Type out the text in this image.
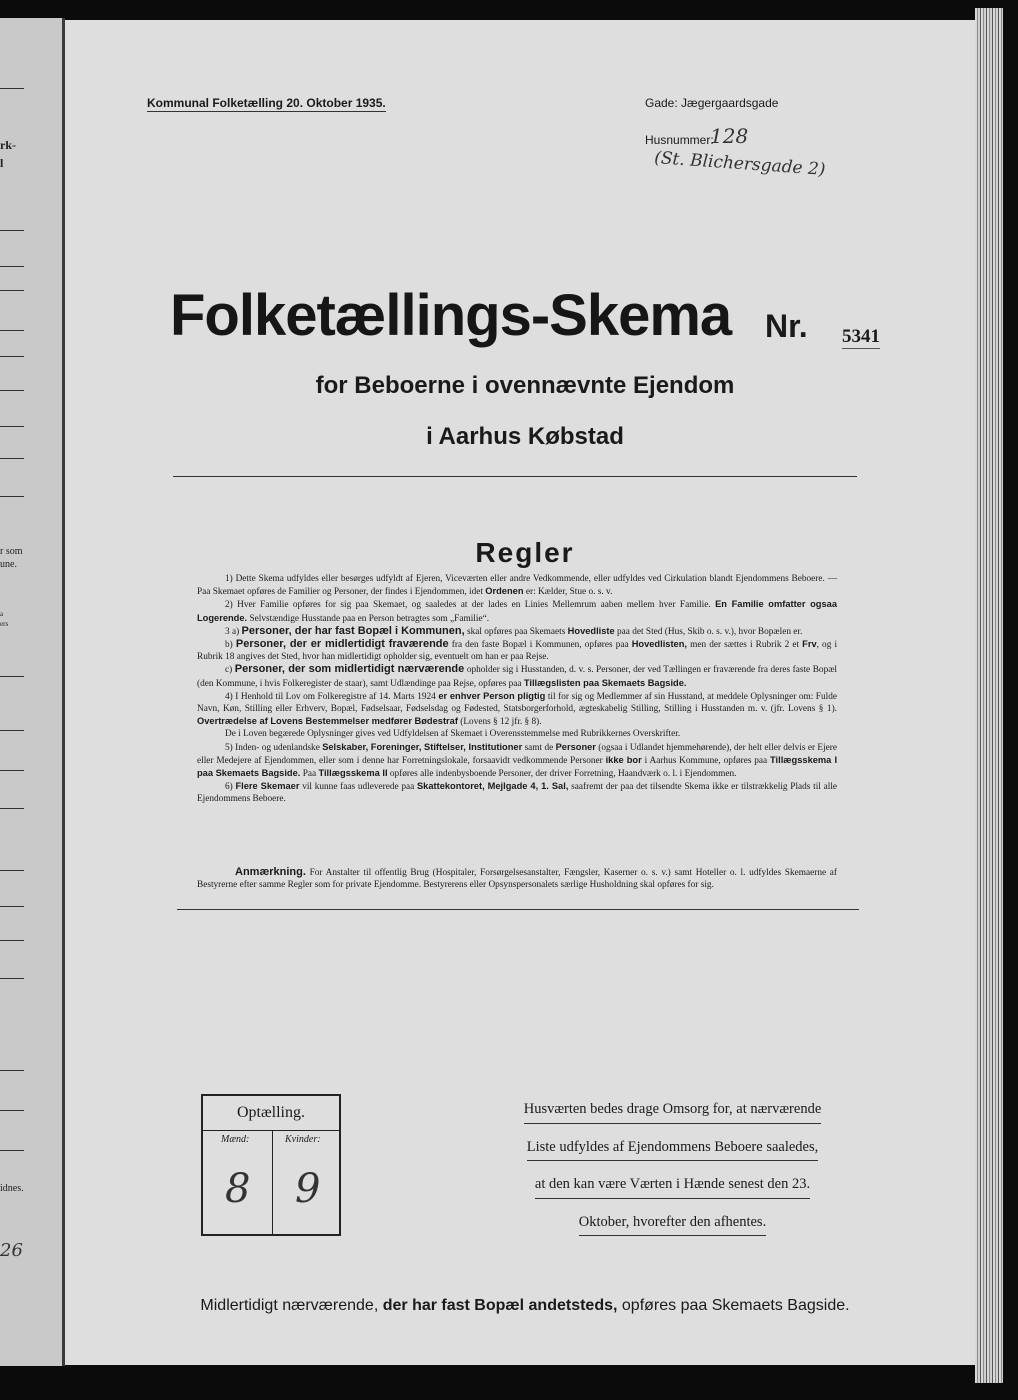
rk-
l
r som
une.
a
ers
idnes.
26
Kommunal Folketælling 20. Oktober 1935.	Gade: Jægergaardsgade
Husnummer:
128
(St. Blichersgade 2)
Folketællings-Skema Nr. 5341
for Beboerne i ovennævnte Ejendom
i Aarhus Købstad
Regler

1) Dette Skema udfyldes eller besørges udfyldt af Ejeren, Viceværten eller andre Vedkommende, eller udfyldes ved Cirkulation blandt Ejendommens Beboere. — Paa Skemaet opføres de Familier og Personer, der findes i Ejendommen, idet Ordenen er: Kælder, Stue o. s. v.

2) Hver Familie opføres for sig paa Skemaet, og saaledes at der lades en Linies Mellemrum aaben mellem hver Familie. En Familie omfatter ogsaa Logerende. Selvstændige Husstande paa en Person betragtes som „Familie“.

3 a) Personer, der har fast Bopæl i Kommunen, skal opføres paa Skemaets Hovedliste paa det Sted (Hus, Skib o. s. v.), hvor Bopælen er.

b) Personer, der er midlertidigt fraværende fra den faste Bopæl i Kommunen, opføres paa Hovedlisten, men der sættes i Rubrik 2 et Frv, og i Rubrik 18 angives det Sted, hvor han midlertidigt opholder sig, eventuelt om han er paa Rejse.

c) Personer, der som midlertidigt nærværende opholder sig i Husstanden, d. v. s. Personer, der ved Tællingen er fraværende fra deres faste Bopæl (den Kommune, i hvis Folkeregister de staar), samt Udlændinge paa Rejse, opføres paa Tillægslisten paa Skemaets Bagside.

4) I Henhold til Lov om Folkeregistre af 14. Marts 1924 er enhver Person pligtig til for sig og Medlemmer af sin Husstand, at meddele Oplysninger om: Fulde Navn, Køn, Stilling eller Erhverv, Bopæl, Fødselsaar, Fødselsdag og Fødested, Statsborgerforhold, ægteskabelig Stilling, Stilling i Husstanden m. v. (jfr. Lovens § 1). Overtrædelse af Lovens Bestemmelser medfører Bødestraf (Lovens § 12 jfr. § 8).

De i Loven begærede Oplysninger gives ved Udfyldelsen af Skemaet i Overensstemmelse med Rubrikkernes Overskrifter.

5) Inden- og udenlandske Selskaber, Foreninger, Stiftelser, Institutioner samt de Personer (ogsaa i Udlandet hjemmehørende), der helt eller delvis er Ejere eller Medejere af Ejendommen, eller som i denne har Forretningslokale, forsaavidt vedkommende Personer ikke bor i Aarhus Kommune, opføres paa Tillægsskema I paa Skemaets Bagside. Paa Tillægsskema II opføres alle indenbysboende Personer, der driver Forretning, Haandværk o. l. i Ejendommen.

6) Flere Skemaer vil kunne faas udleverede paa Skattekontoret, Mejlgade 4, 1. Sal, saafremt der paa det tilsendte Skema ikke er tilstrækkelig Plads til alle Ejendommens Beboere.

Anmærkning. For Anstalter til offentlig Brug (Hospitaler, Forsørgelsesanstalter, Fængsler, Kaserner o. s. v.) samt Hoteller o. l. udfyldes Skemaerne af Bestyrerne efter samme Regler som for private Ejendomme. Bestyrerens eller Opsynspersonalets særlige Husholdning skal opføres for sig.

Optælling.
Mænd:	Kvinder:
8 9
Husværten bedes drage Omsorg for, at nærværende
Liste udfyldes af Ejendommens Beboere saaledes,
at den kan være Værten i Hænde senest den 23.
Oktober, hvorefter den afhentes.
Midlertidigt nærværende, der har fast Bopæl andetsteds, opføres paa Skemaets Bagside.
